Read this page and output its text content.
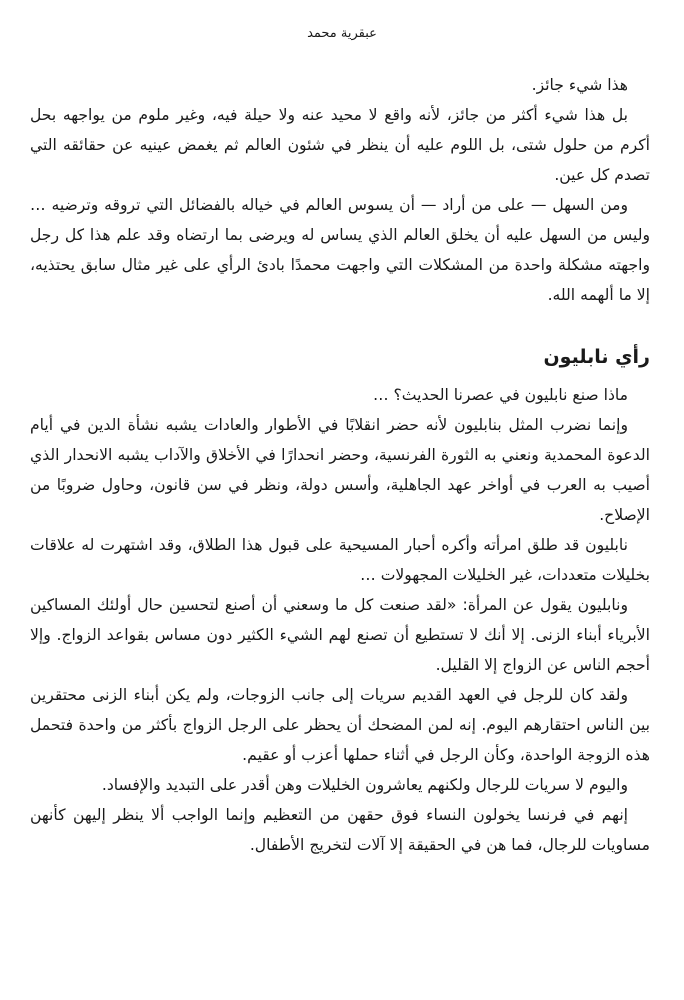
عبقرية محمد

هذا شيء جائز.

بل هذا شيء أكثر من جائز، لأنه واقع لا محيد عنه ولا حيلة فيه، وغير ملوم من يواجهه بحل أكرم من حلول شتى، بل اللوم عليه أن ينظر في شئون العالم ثم يغمض عينيه عن حقائقه التي تصدم كل عين.

ومن السهل — على من أراد — أن يسوس العالم في خياله بالفضائل التي تروقه وترضيه … وليس من السهل عليه أن يخلق العالم الذي يساس له ويرضى بما ارتضاه وقد علم هذا كل رجل واجهته مشكلة واحدة من المشكلات التي واجهت محمدًا بادئ الرأي على غير مثال سابق يحتذيه، إلا ما ألهمه الله.

رأي نابليون

ماذا صنع نابليون في عصرنا الحديث؟ …

وإنما نضرب المثل بنابليون لأنه حضر انقلابًا في الأطوار والعادات يشبه نشأة الدين في أيام الدعوة المحمدية ونعني به الثورة الفرنسية، وحضر انحدارًا في الأخلاق والآداب يشبه الانحدار الذي أصيب به العرب في أواخر عهد الجاهلية، وأسس دولة، ونظر في سن قانون، وحاول ضروبًا من الإصلاح.

نابليون قد طلق امرأته وأكره أحبار المسيحية على قبول هذا الطلاق، وقد اشتهرت له علاقات بخليلات متعددات، غير الخليلات المجهولات …

ونابليون يقول عن المرأة: «لقد صنعت كل ما وسعني أن أصنع لتحسين حال أولئك المساكين الأبرياء أبناء الزنى. إلا أنك لا تستطيع أن تصنع لهم الشيء الكثير دون مساس بقواعد الزواج. وإلا أحجم الناس عن الزواج إلا القليل.

ولقد كان للرجل في العهد القديم سريات إلى جانب الزوجات، ولم يكن أبناء الزنى محتقرين بين الناس احتقارهم اليوم. إنه لمن المضحك أن يحظر على الرجل الزواج بأكثر من واحدة فتحمل هذه الزوجة الواحدة، وكأن الرجل في أثناء حملها أعزب أو عقيم.

واليوم لا سريات للرجال ولكنهم يعاشرون الخليلات وهن أقدر على التبديد والإفساد.

إنهم في فرنسا يخولون النساء فوق حقهن من التعظيم وإنما الواجب ألا ينظر إليهن كأنهن مساويات للرجال، فما هن في الحقيقة إلا آلات لتخريج الأطفال.
